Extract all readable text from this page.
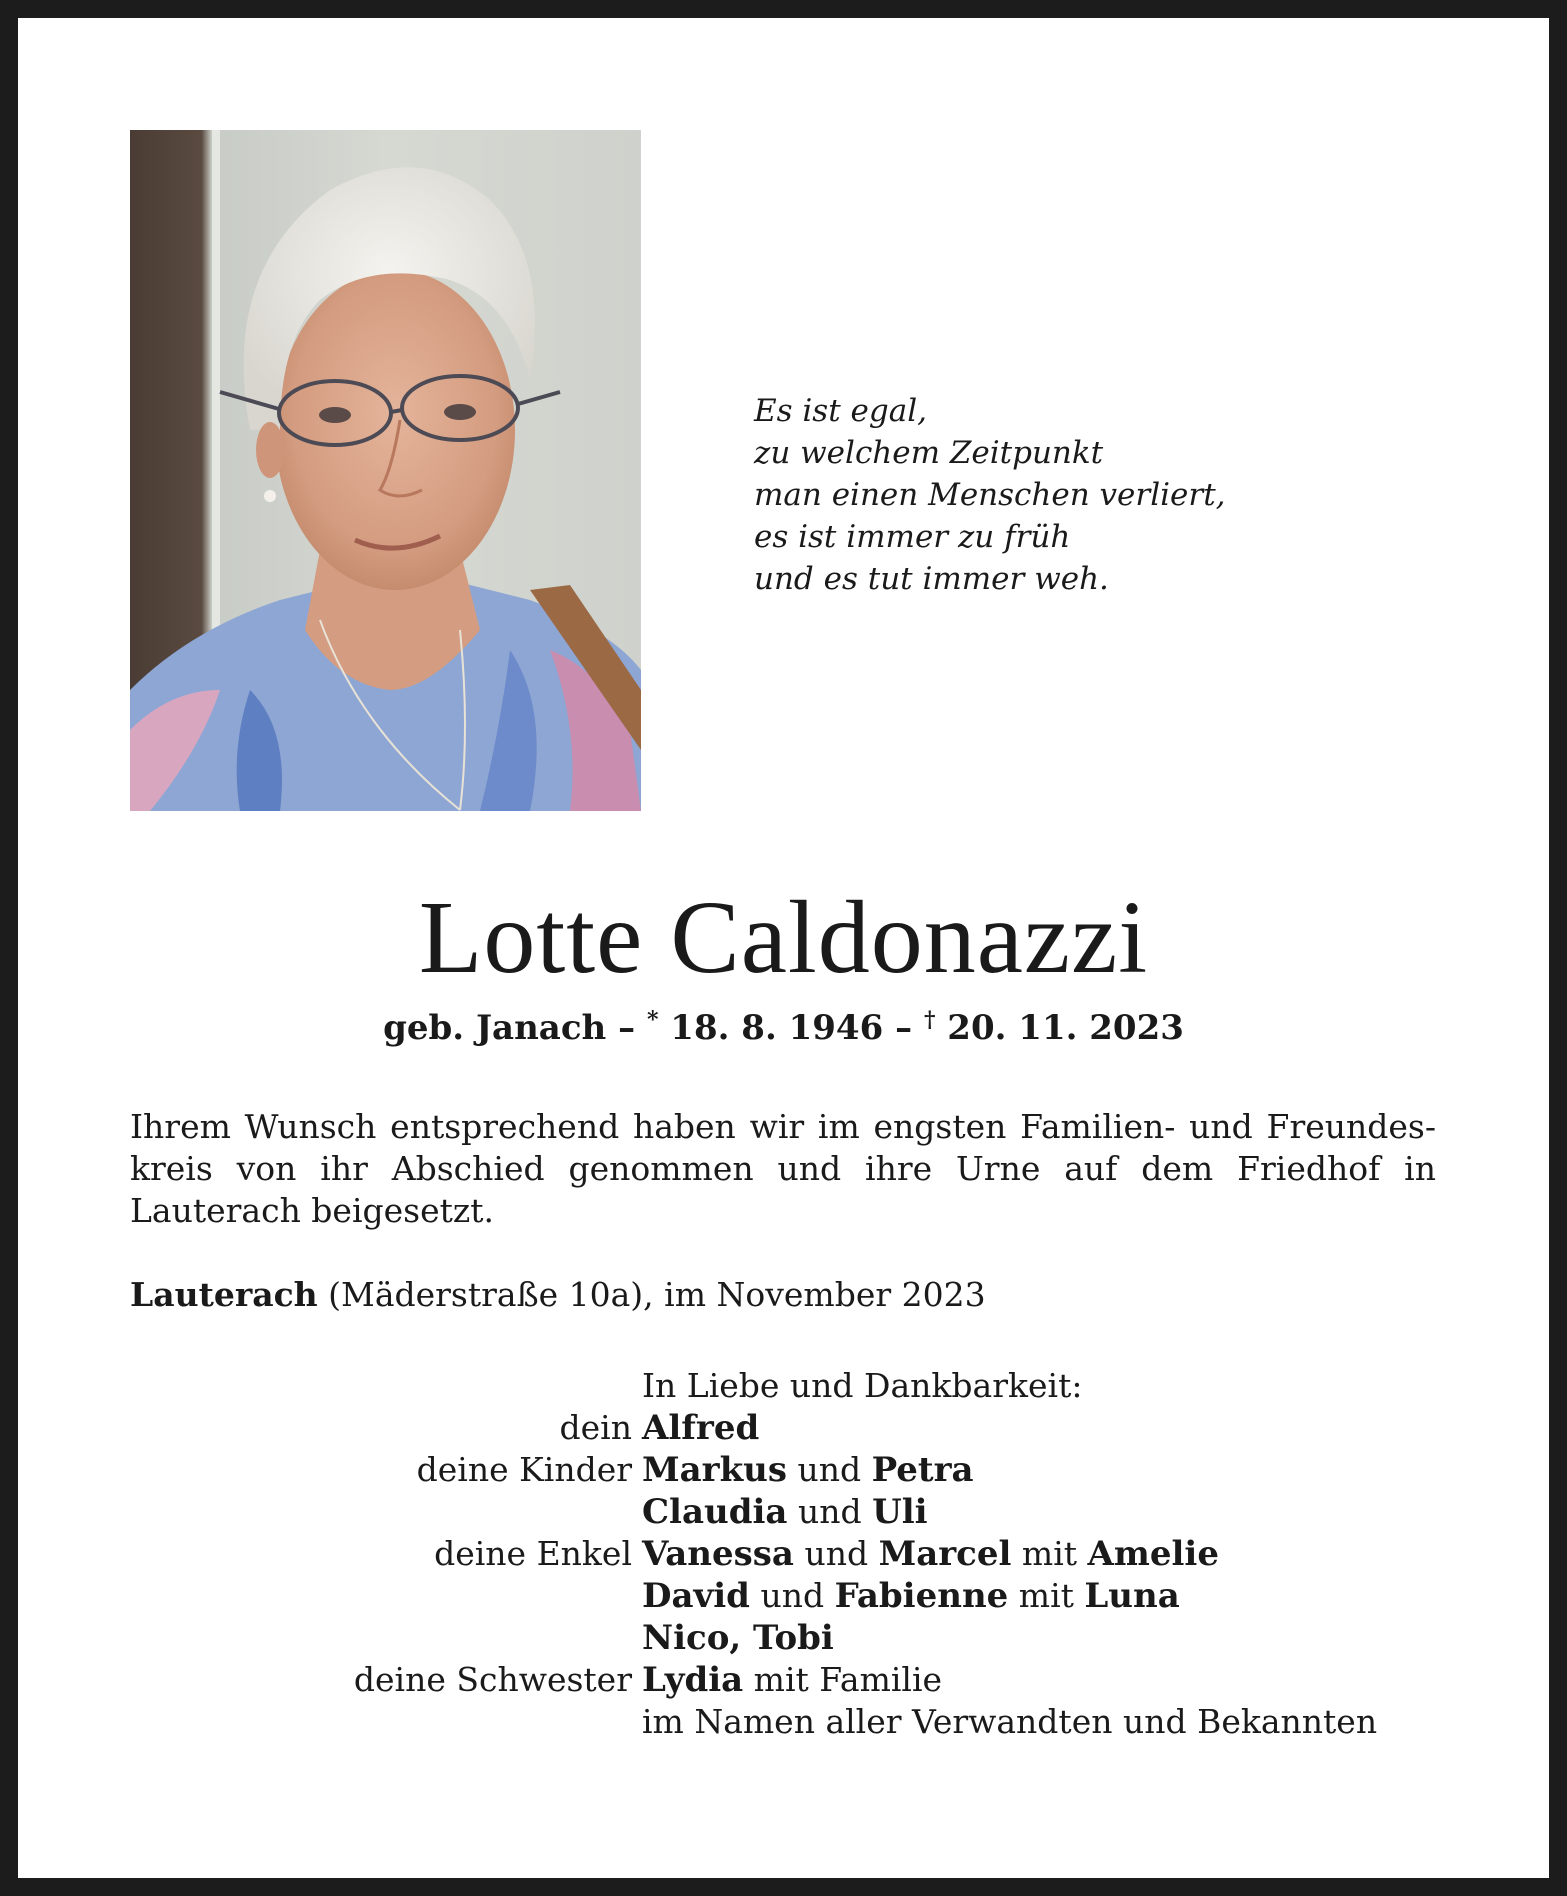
Es ist egal,
zu welchem Zeitpunkt
man einen Menschen verliert,
es ist immer zu früh
und es tut immer weh.
Lotte Caldonazzi
geb. Janach – * 18. 8. 1946 – † 20. 11. 2023
Ihrem Wunsch entsprechend haben wir im engsten Familien- und Freundes-
kreis von ihr Abschied genommen und ihre Urne auf dem Friedhof in
Lauterach beigesetzt.
Lauterach (Mäderstraße 10a), im November 2023
In Liebe und Dankbarkeit:
dein Alfred
deine Kinder Markus und Petra
Claudia und Uli
deine Enkel Vanessa und Marcel mit Amelie
David und Fabienne mit Luna
Nico, Tobi
deine Schwester Lydia mit Familie
im Namen aller Verwandten und Bekannten
